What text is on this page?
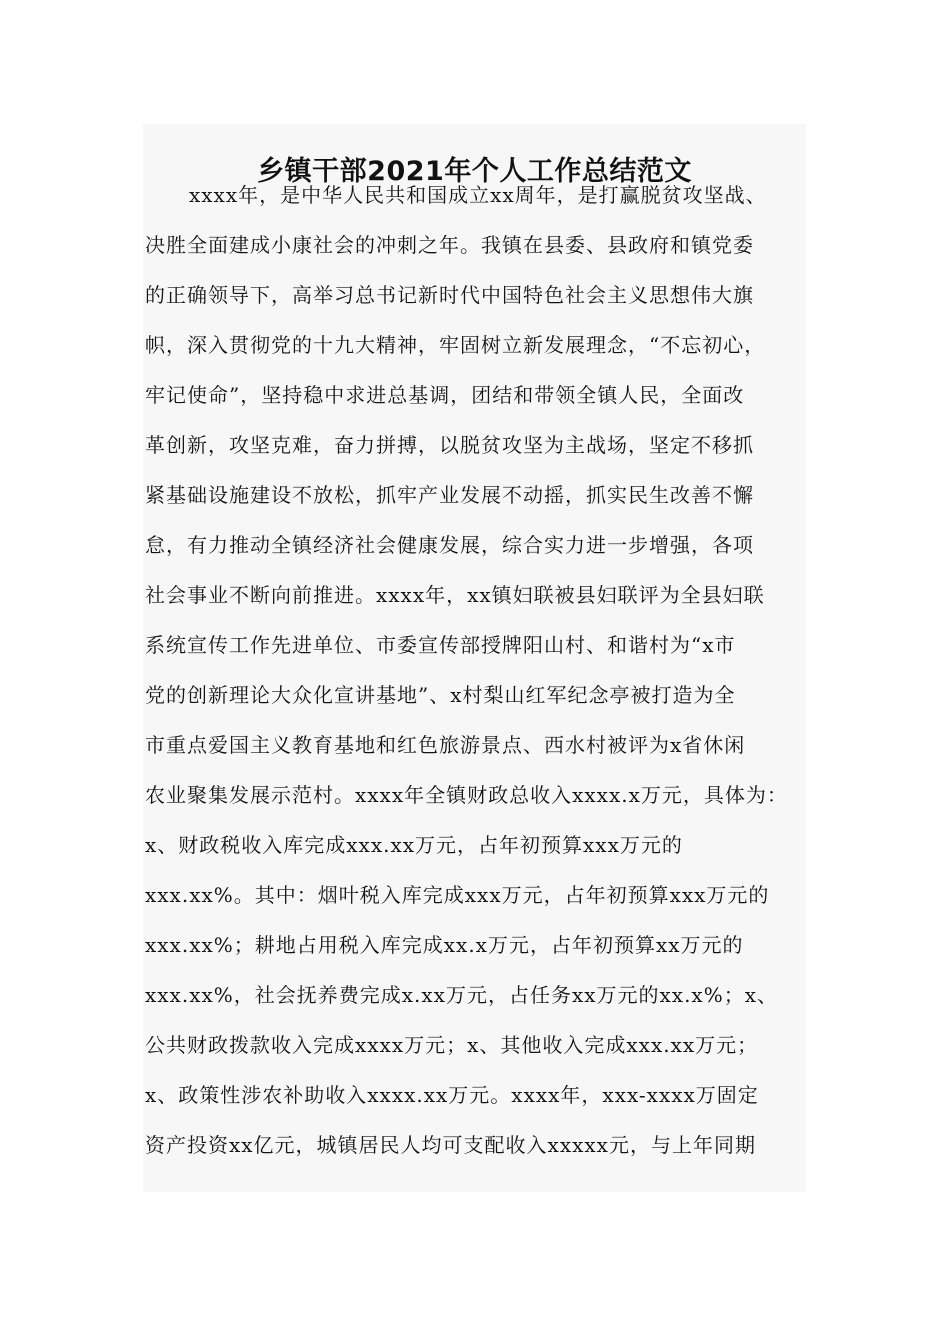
乡镇干部2021年个人工作总结范文
xxxx年，是中华人民共和国成立xx周年，是打赢脱贫攻坚战、
决胜全面建成小康社会的冲刺之年。我镇在县委、县政府和镇党委
的正确领导下，高举习总书记新时代中国特色社会主义思想伟大旗
帜，深入贯彻党的十九大精神，牢固树立新发展理念，“不忘初心，
牢记使命”，坚持稳中求进总基调，团结和带领全镇人民，全面改
革创新，攻坚克难，奋力拼搏，以脱贫攻坚为主战场，坚定不移抓
紧基础设施建设不放松，抓牢产业发展不动摇，抓实民生改善不懈
怠，有力推动全镇经济社会健康发展，综合实力进一步增强，各项
社会事业不断向前推进。xxxx年，xx镇妇联被县妇联评为全县妇联
系统宣传工作先进单位、市委宣传部授牌阳山村、和谐村为“x市
党的创新理论大众化宣讲基地”、x村梨山红军纪念亭被打造为全
市重点爱国主义教育基地和红色旅游景点、西水村被评为x省休闲
农业聚集发展示范村。xxxx年全镇财政总收入xxxx.x万元，具体为：
x、财政税收入库完成xxx.xx万元，占年初预算xxx万元的
xxx.xx%。其中：烟叶税入库完成xxx万元，占年初预算xxx万元的
xxx.xx%；耕地占用税入库完成xx.x万元，占年初预算xx万元的
xxx.xx%，社会抚养费完成x.xx万元，占任务xx万元的xx.x%；x、
公共财政拨款收入完成xxxx万元；x、其他收入完成xxx.xx万元；
x、政策性涉农补助收入xxxx.xx万元。xxxx年，xxx-xxxx万固定
资产投资xx亿元，城镇居民人均可支配收入xxxxx元，与上年同期
